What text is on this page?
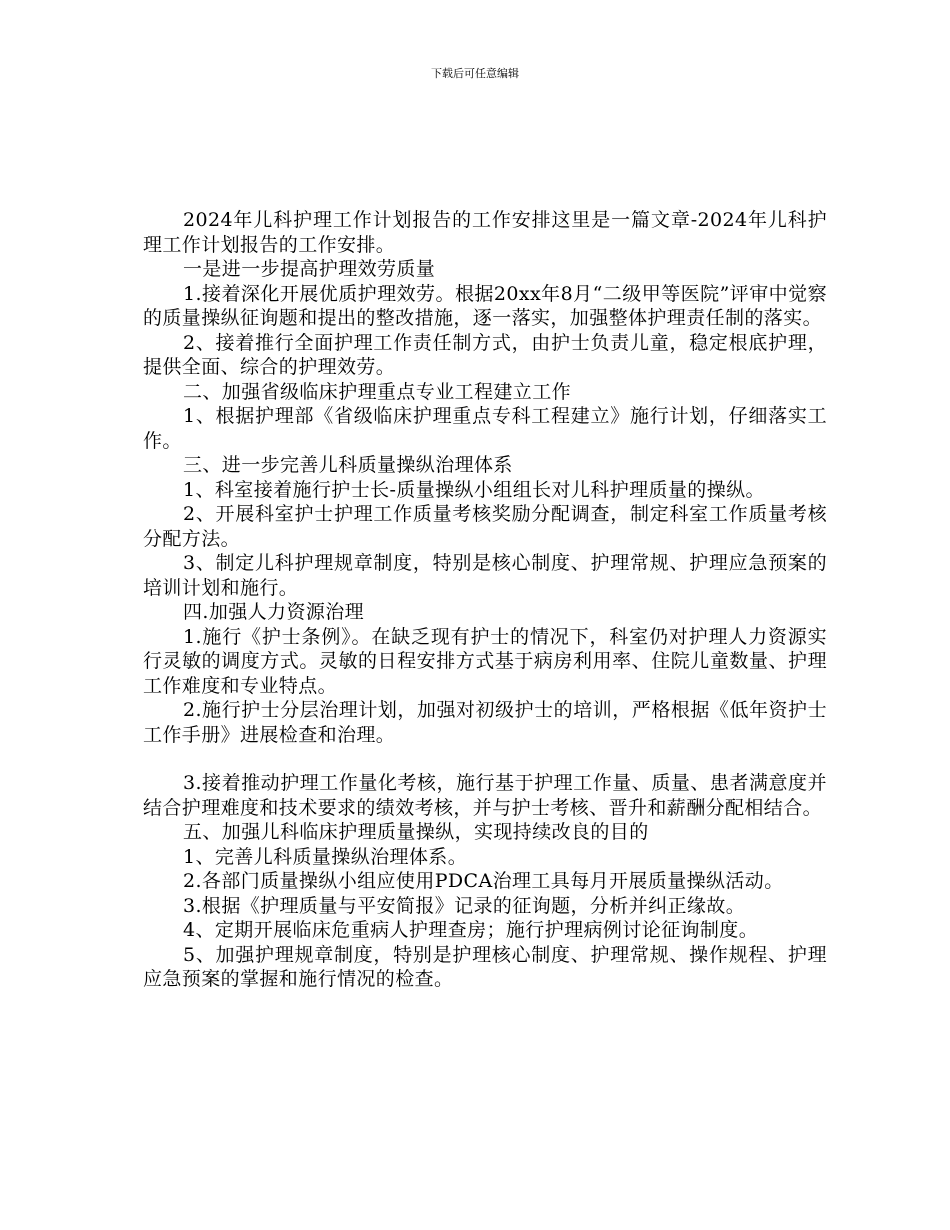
下载后可任意编辑

2024年儿科护理工作计划报告的工作安排这里是一篇文章-2024年儿科护理工作计划报告的工作安排。

一是进一步提高护理效劳质量

1.接着深化开展优质护理效劳。根据20xx年8月“二级甲等医院”评审中觉察的质量操纵征询题和提出的整改措施，逐一落实，加强整体护理责任制的落实。

2、接着推行全面护理工作责任制方式，由护士负责儿童，稳定根底护理，提供全面、综合的护理效劳。

二、加强省级临床护理重点专业工程建立工作

1、根据护理部《省级临床护理重点专科工程建立》施行计划，仔细落实工作。

三、进一步完善儿科质量操纵治理体系

1、科室接着施行护士长-质量操纵小组组长对儿科护理质量的操纵。

2、开展科室护士护理工作质量考核奖励分配调查，制定科室工作质量考核分配方法。

3、制定儿科护理规章制度，特别是核心制度、护理常规、护理应急预案的培训计划和施行。

四.加强人力资源治理

1.施行《护士条例》。在缺乏现有护士的情况下，科室仍对护理人力资源实行灵敏的调度方式。灵敏的日程安排方式基于病房利用率、住院儿童数量、护理工作难度和专业特点。

2.施行护士分层治理计划，加强对初级护士的培训，严格根据《低年资护士工作手册》进展检查和治理。

3.接着推动护理工作量化考核，施行基于护理工作量、质量、患者满意度并结合护理难度和技术要求的绩效考核，并与护士考核、晋升和薪酬分配相结合。

五、加强儿科临床护理质量操纵，实现持续改良的目的

1、完善儿科质量操纵治理体系。

2.各部门质量操纵小组应使用PDCA治理工具每月开展质量操纵活动。

3.根据《护理质量与平安简报》记录的征询题，分析并纠正缘故。

4、定期开展临床危重病人护理查房；施行护理病例讨论征询制度。

5、加强护理规章制度，特别是护理核心制度、护理常规、操作规程、护理应急预案的掌握和施行情况的检查。
